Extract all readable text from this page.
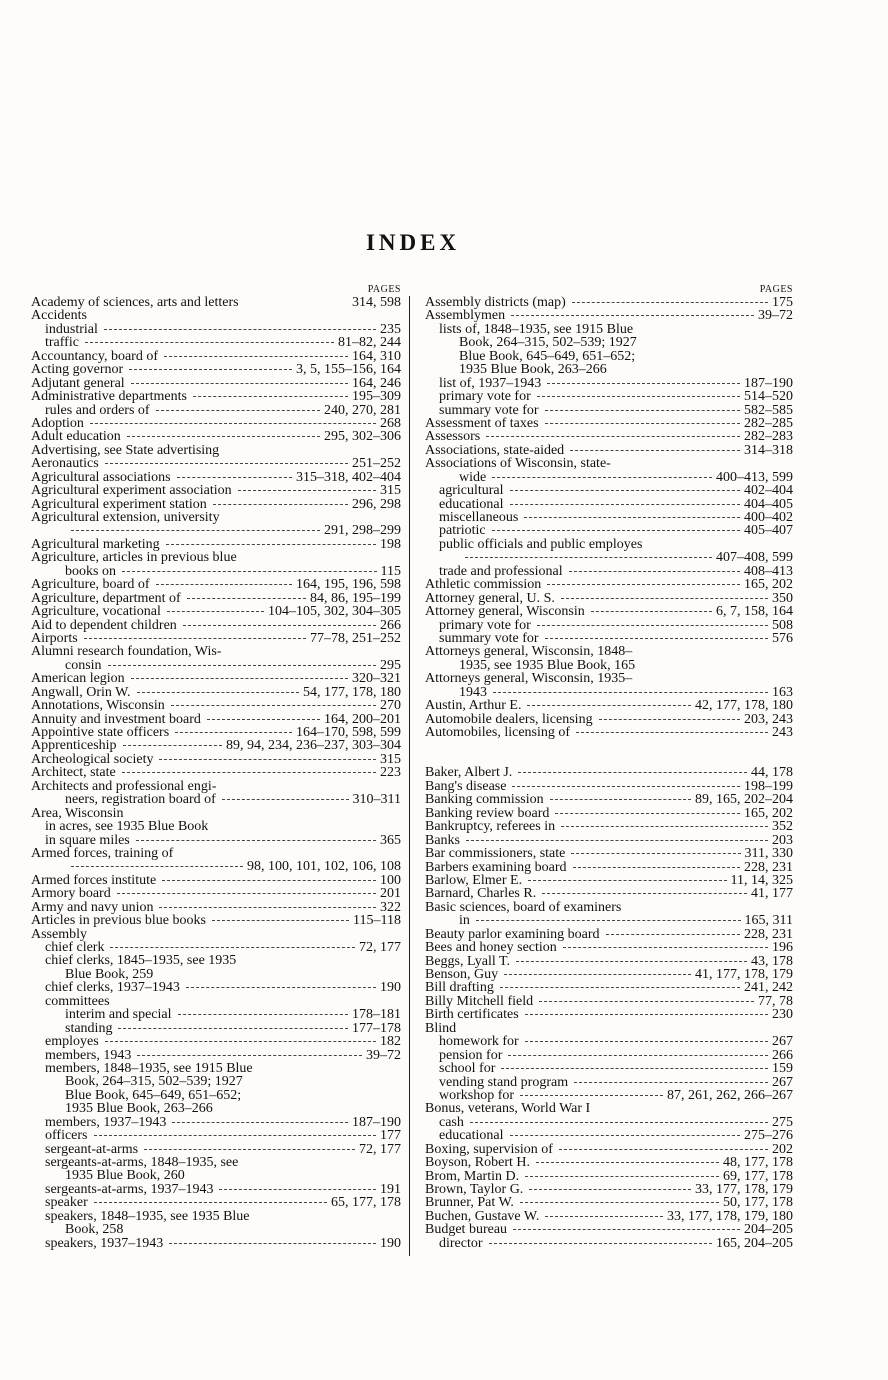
INDEX
PAGES
Academy of sciences, arts and letters	314, 598
Accidents
industrial	235
traffic	81–82, 244
Accountancy, board of	164, 310
Acting governor	3, 5, 155–156, 164
Adjutant general	164, 246
Administrative departments	195–309
rules and orders of	240, 270, 281
Adoption	268
Adult education	295, 302–306
Advertising, see State advertising
Aeronautics	251–252
Agricultural associations	315–318, 402–404
Agricultural experiment association	315
Agricultural experiment station	296, 298
Agricultural extension, university
291, 298–299
Agricultural marketing	198
Agriculture, articles in previous blue
books on	115
Agriculture, board of	164, 195, 196, 598
Agriculture, department of	84, 86, 195–199
Agriculture, vocational	104–105, 302, 304–305
Aid to dependent children	266
Airports	77–78, 251–252
Alumni research foundation, Wis-
consin	295
American legion	320–321
Angwall, Orin W.	54, 177, 178, 180
Annotations, Wisconsin	270
Annuity and investment board	164, 200–201
Appointive state officers	164–170, 598, 599
Apprenticeship	89, 94, 234, 236–237, 303–304
Archeological society	315
Architect, state	223
Architects and professional engi-
neers, registration board of	310–311
Area, Wisconsin
in acres, see 1935 Blue Book
in square miles	365
Armed forces, training of
98, 100, 101, 102, 106, 108
Armed forces institute	100
Armory board	201
Army and navy union	322
Articles in previous blue books	115–118
Assembly
chief clerk	72, 177
chief clerks, 1845–1935, see 1935
Blue Book, 259
chief clerks, 1937–1943	190
committees
interim and special	178–181
standing	177–178
employes	182
members, 1943	39–72
members, 1848–1935, see 1915 Blue
Book, 264–315, 502–539; 1927
Blue Book, 645–649, 651–652;
1935 Blue Book, 263–266
members, 1937–1943	187–190
officers	177
sergeant-at-arms	72, 177
sergeants-at-arms, 1848–1935, see
1935 Blue Book, 260
sergeants-at-arms, 1937–1943	191
speaker	65, 177, 178
speakers, 1848–1935, see 1935 Blue
Book, 258
speakers, 1937–1943	190
PAGES
Assembly districts (map)	175
Assemblymen	39–72
lists of, 1848–1935, see 1915 Blue
Book, 264–315, 502–539; 1927
Blue Book, 645–649, 651–652;
1935 Blue Book, 263–266
list of, 1937–1943	187–190
primary vote for	514–520
summary vote for	582–585
Assessment of taxes	282–285
Assessors	282–283
Associations, state-aided	314–318
Associations of Wisconsin, state-
wide	400–413, 599
agricultural	402–404
educational	404–405
miscellaneous	400–402
patriotic	405–407
public officials and public employes
407–408, 599
trade and professional	408–413
Athletic commission	165, 202
Attorney general, U. S.	350
Attorney general, Wisconsin	6, 7, 158, 164
primary vote for	508
summary vote for	576
Attorneys general, Wisconsin, 1848–
1935, see 1935 Blue Book, 165
Attorneys general, Wisconsin, 1935–
1943	163
Austin, Arthur E.	42, 177, 178, 180
Automobile dealers, licensing	203, 243
Automobiles, licensing of	243
Baker, Albert J.	44, 178
Bang's disease	198–199
Banking commission	89, 165, 202–204
Banking review board	165, 202
Bankruptcy, referees in	352
Banks	203
Bar commissioners, state	311, 330
Barbers examining board	228, 231
Barlow, Elmer E.	11, 14, 325
Barnard, Charles R.	41, 177
Basic sciences, board of examiners
in	165, 311
Beauty parlor examining board	228, 231
Bees and honey section	196
Beggs, Lyall T.	43, 178
Benson, Guy	41, 177, 178, 179
Bill drafting	241, 242
Billy Mitchell field	77, 78
Birth certificates	230
Blind
homework for	267
pension for	266
school for	159
vending stand program	267
workshop for	87, 261, 262, 266–267
Bonus, veterans, World War I
cash	275
educational	275–276
Boxing, supervision of	202
Boyson, Robert H.	48, 177, 178
Brom, Martin D.	69, 177, 178
Brown, Taylor G.	33, 177, 178, 179
Brunner, Pat W.	50, 177, 178
Buchen, Gustave W.	33, 177, 178, 179, 180
Budget bureau	204–205
director	165, 204–205
